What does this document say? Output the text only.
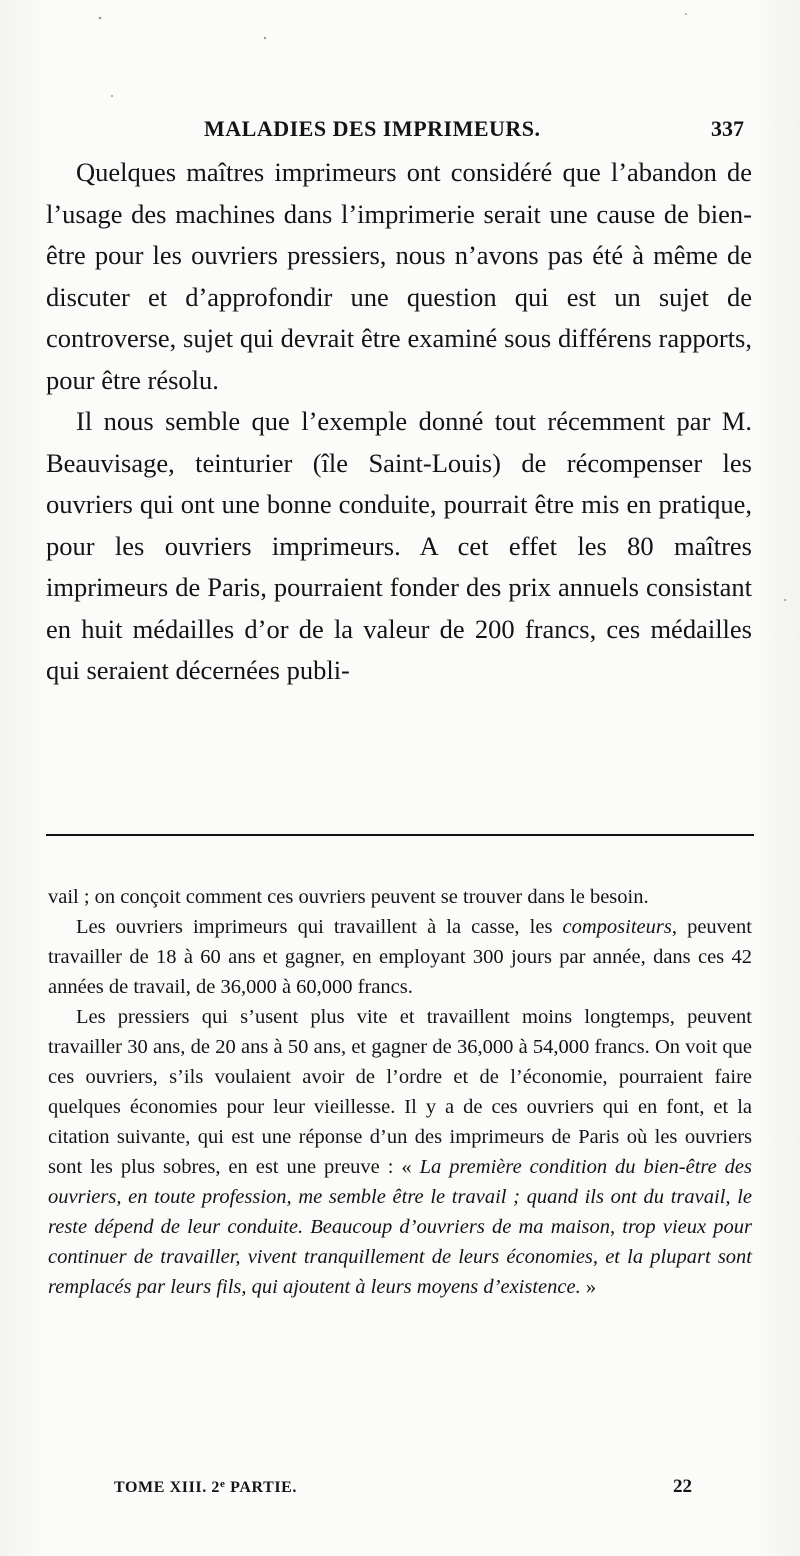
MALADIES DES IMPRIMEURS.	337

Quelques maîtres imprimeurs ont considéré que l’abandon de l’usage des machines dans l’imprimerie serait une cause de bien-être pour les ouvriers pressiers, nous n’avons pas été à même de discuter et d’approfondir une question qui est un sujet de controverse, sujet qui devrait être examiné sous différens rapports, pour être résolu.

Il nous semble que l’exemple donné tout récemment par M. Beauvisage, teinturier (île Saint-Louis) de récompenser les ouvriers qui ont une bonne conduite, pourrait être mis en pratique, pour les ouvriers imprimeurs. A cet effet les 80 maîtres imprimeurs de Paris, pourraient fonder des prix annuels consistant en huit médailles d’or de la valeur de 200 francs, ces médailles qui seraient décernées publi-

vail ; on conçoit comment ces ouvriers peuvent se trouver dans le besoin.

Les ouvriers imprimeurs qui travaillent à la casse, les compositeurs, peuvent travailler de 18 à 60 ans et gagner, en employant 300 jours par année, dans ces 42 années de travail, de 36,000 à 60,000 francs.

Les pressiers qui s’usent plus vite et travaillent moins longtemps, peuvent travailler 30 ans, de 20 ans à 50 ans, et gagner de 36,000 à 54,000 francs. On voit que ces ouvriers, s’ils voulaient avoir de l’ordre et de l’économie, pourraient faire quelques économies pour leur vieillesse. Il y a de ces ouvriers qui en font, et la citation suivante, qui est une réponse d’un des imprimeurs de Paris où les ouvriers sont les plus sobres, en est une preuve : « La première condition du bien-être des ouvriers, en toute profession, me semble être le travail ; quand ils ont du travail, le reste dépend de leur conduite. Beaucoup d’ouvriers de ma maison, trop vieux pour continuer de travailler, vivent tranquillement de leurs économies, et la plupart sont remplacés par leurs fils, qui ajoutent à leurs moyens d’existence. »

TOME XIII. 2e PARTIE.	22
